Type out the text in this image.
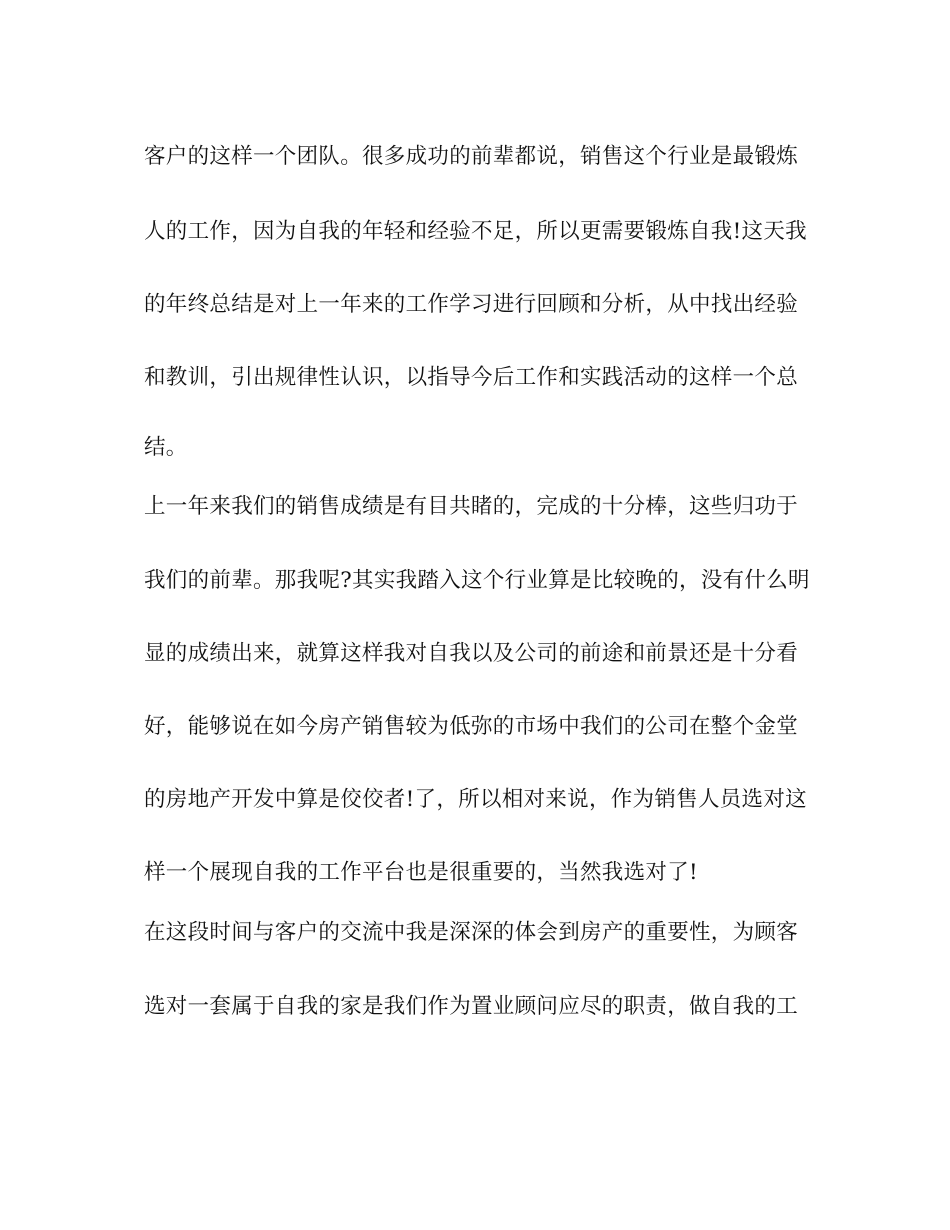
客户的这样一个团队。很多成功的前辈都说，销售这个行业是最锻炼
人的工作，因为自我的年轻和经验不足，所以更需要锻炼自我!这天我
的年终总结是对上一年来的工作学习进行回顾和分析，从中找出经验
和教训，引出规律性认识，以指导今后工作和实践活动的这样一个总
结。
上一年来我们的销售成绩是有目共睹的，完成的十分棒，这些归功于
我们的前辈。那我呢?其实我踏入这个行业算是比较晚的，没有什么明
显的成绩出来，就算这样我对自我以及公司的前途和前景还是十分看
好，能够说在如今房产销售较为低弥的市场中我们的公司在整个金堂
的房地产开发中算是佼佼者!了，所以相对来说，作为销售人员选对这
样一个展现自我的工作平台也是很重要的，当然我选对了!
在这段时间与客户的交流中我是深深的体会到房产的重要性，为顾客
选对一套属于自我的家是我们作为置业顾问应尽的职责，做自我的工
